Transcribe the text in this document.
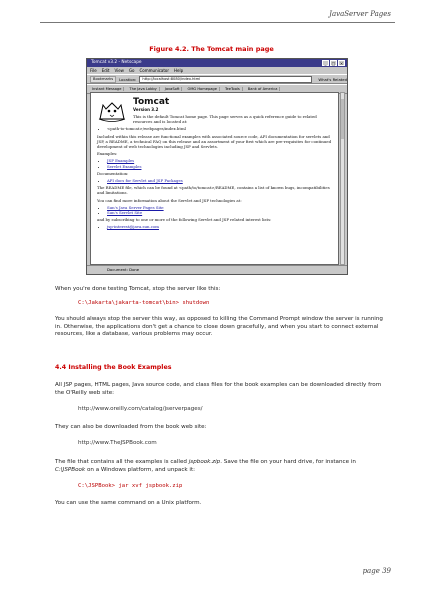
JavaServer Pages
Figure 4.2. The Tomcat main page
Tomcat v3.2 - Netscape	_	□	×
File Edit View Go Communicator Help
Bookmarks	Location:	http://localhost:8080/index.html	What's Related
Instant Message	The Java Lobby	JavaSoft	OMG Homepage	TeeTools	Bank of America
Tomcat
Version 3.2

This is the default Tomcat home page. This page serves as a quick reference guide to related resources and is located at:

• <path-to-tomcat>/webpages/index.html

Included within this release are functional examples with associated source code, API documentation for servlets and JSP, a README, a technical FAQ on this release and an assortment of your first which are pre-requisites for continued development of web technologies including JSP and Servlets.

Examples:

• JSP Examples
• Servlet Examples

Documentation:

• API docs for Servlet and JSP Packages

The README file, which can be found at <path/to/tomcat>/README, contains a list of known bugs, incompatibilities and limitations.

You can find more information about the Servlet and JSP technologies at:

• Sun's Java Server Pages Site
• Sun's Servlet Site

and by subscribing to one or more of the following Servlet and JSP related interest lists:

• jsp-interest@java.sun.com
Document: Done
When you're done testing Tomcat, stop the server like this:
C:\Jakarta\jakarta-tomcat\bin> shutdown
You should always stop the server this way, as opposed to killing the Command Prompt window the server is running in. Otherwise, the applications don't get a chance to close down gracefully, and when you start to connect external resources, like a database, various problems may occur.
4.4 Installing the Book Examples
All JSP pages, HTML pages, Java source code, and class files for the book examples can be downloaded directly from the O'Reilly web site:
http://www.oreilly.com/catalog/jserverpages/
They can also be downloaded from the book web site:
http://www.TheJSPBook.com
The file that contains all the examples is called jspbook.zip. Save the file on your hard drive, for instance in C:\JSPBook on a Windows platform, and unpack it:
C:\JSPBook> jar xvf jspbook.zip
You can use the same command on a Unix platform.
page 39
